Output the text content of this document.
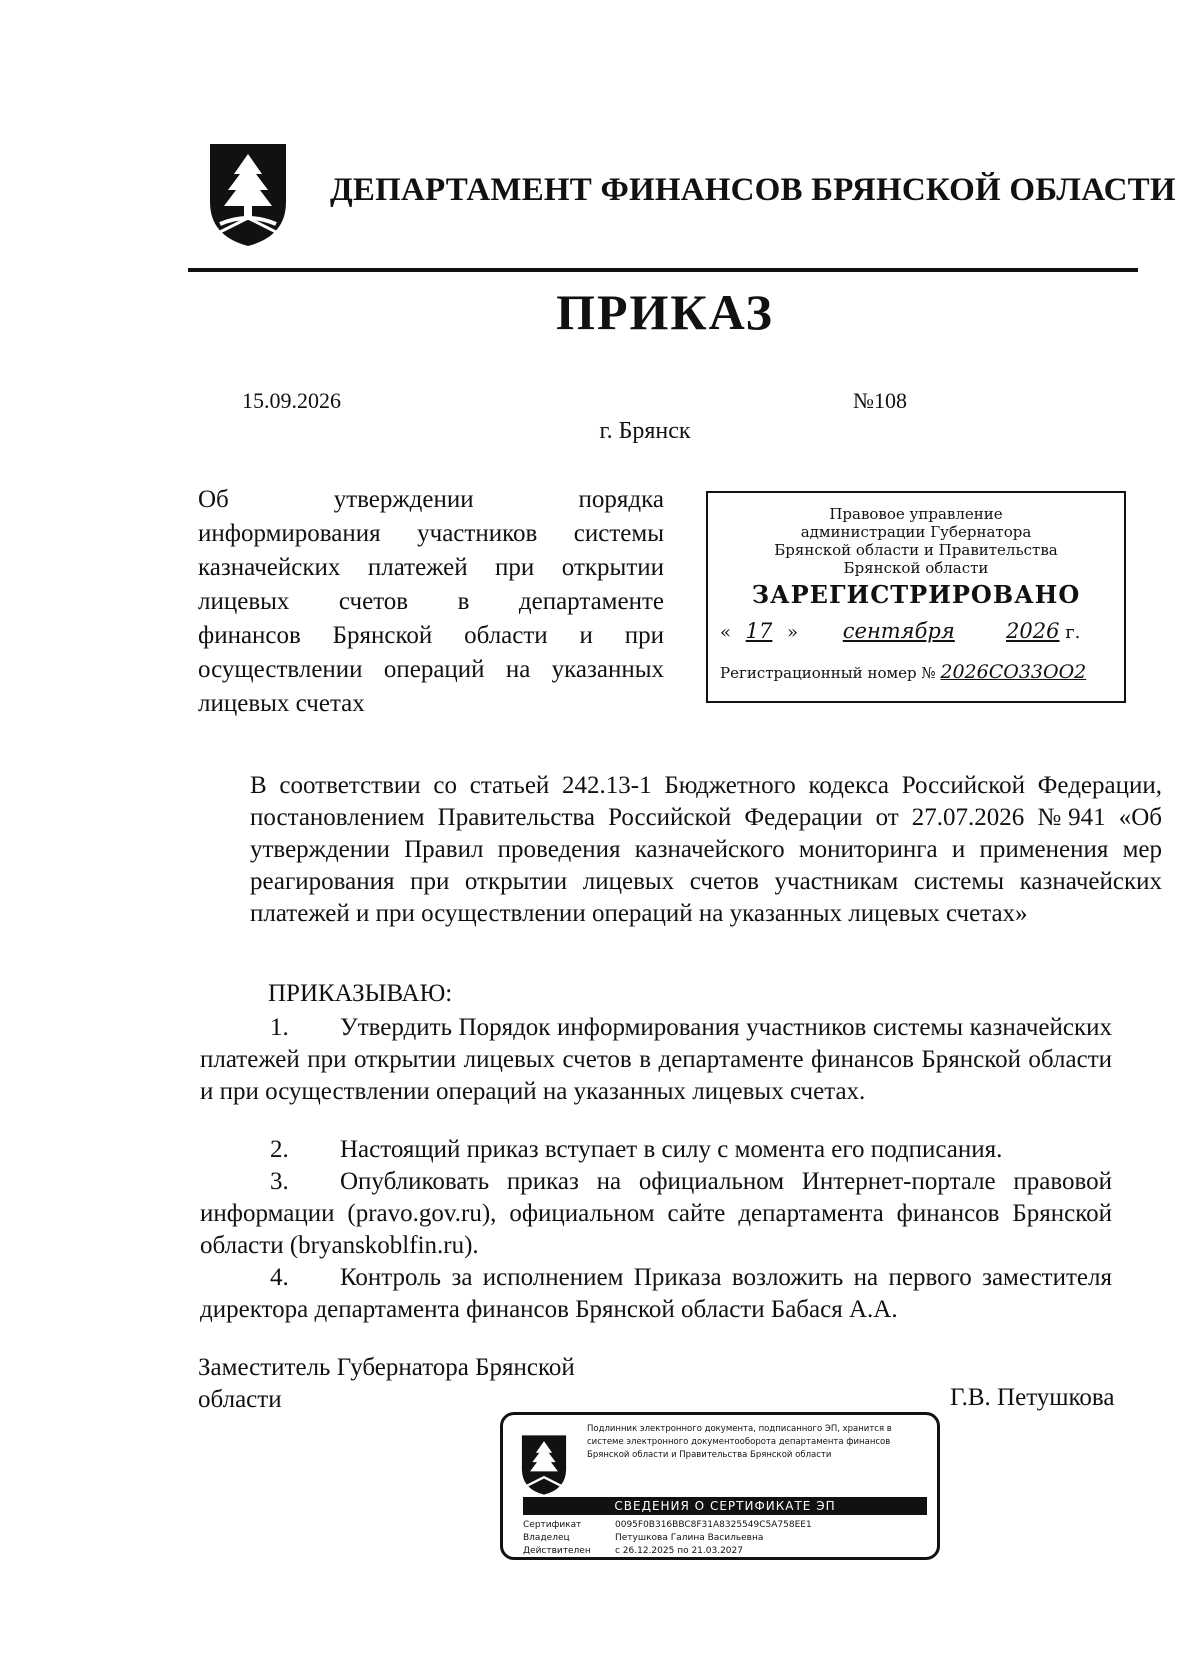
ДЕПАРТАМЕНТ ФИНАНСОВ БРЯНСКОЙ ОБЛАСТИ
ПРИКАЗ
15.09.2026	№108
г. Брянск
Об утверждении порядка
информирования участников системы
казначейских платежей при открытии
лицевых счетов в департаменте
финансов Брянской области и при
осуществлении операций на указанных
лицевых счетах
Правовое управление
администрации Губернатора
Брянской области и Правительства
Брянской области
ЗАРЕГИСТРИРОВАНО
« 17 » сентября 2026 г.
Регистрационный номер № 2026СО33ОО2
В соответствии со статьей 242.13-1 Бюджетного кодекса Российской Федерации, постановлением Правительства Российской Федерации от 27.07.2026 №941 «Об утверждении Правил проведения казначейского мониторинга и применения мер реагирования при открытии лицевых счетов участникам системы казначейских платежей и при осуществлении операций на указанных лицевых счетах»
ПРИКАЗЫВАЮ:
1. Утвердить Порядок информирования участников системы казначейских платежей при открытии лицевых счетов в департаменте финансов Брянской области и при осуществлении операций на указанных лицевых счетах.
2. Настоящий приказ вступает в силу с момента его подписания.
3. Опубликовать приказ на официальном Интернет-портале правовой информации (pravo.gov.ru), официальном сайте департамента финансов Брянской области (bryanskoblfin.ru).
4. Контроль за исполнением Приказа возложить на первого заместителя директора департамента финансов Брянской области Бабася А.А.
Заместитель Губернатора Брянской
области	Г.В. Петушкова
Подлинник электронного документа, подписанного ЭП, хранится в системе электронного документооборота департамента финансов Брянской области и Правительства Брянской области
СВЕДЕНИЯ О СЕРТИФИКАТЕ ЭП
Сертификат	0095F0B316BBC8F31A8325549C5A758EE1
Владелец	Петушкова Галина Васильевна
Действителен	с 26.12.2025 по 21.03.2027
